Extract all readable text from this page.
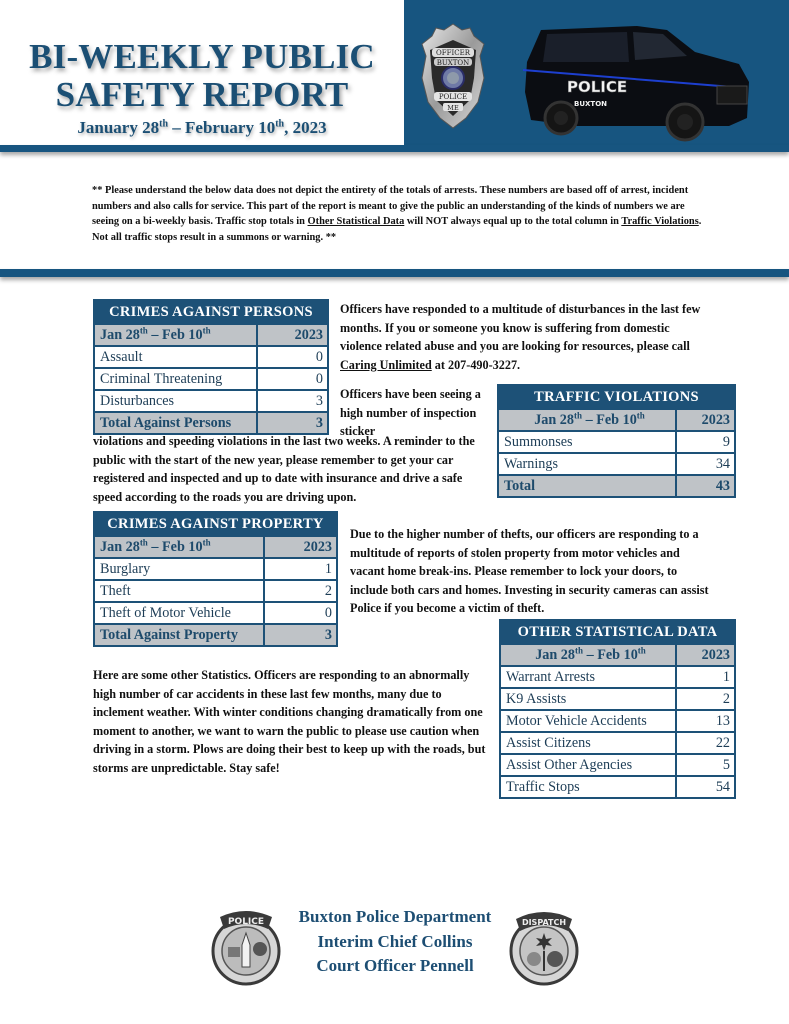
BI-WEEKLY PUBLIC
SAFETY REPORT
January 28th – February 10th, 2023
OFFICER
BUXTON
POLICE
ME
POLICE
BUXTON
** Please understand the below data does not depict the entirety of the totals of arrests. These numbers are based off of arrest, incident numbers and also calls for service. This part of the report is meant to give the public an understanding of the kinds of numbers we are seeing on a bi-weekly basis. Traffic stop totals in Other Statistical Data will NOT always equal up to the total column in Traffic Violations. Not all traffic stops result in a summons or warning. **
CRIMES AGAINST PERSONS
Jan 28th – Feb 10th	2023
Assault	0
Criminal Threatening	0
Disturbances	3
Total Against Persons	3
Officers have responded to a multitude of disturbances in the last few months. If you or someone you know is suffering from domestic violence related abuse and you are looking for resources, please call Caring Unlimited at 207-490-3227.
Officers have been seeing a high number of inspection sticker
violations and speeding violations in the last two weeks. A reminder to the public with the start of the new year, please remember to get your car registered and inspected and up to date with insurance and drive a safe speed according to the roads you are driving upon.
TRAFFIC VIOLATIONS
Jan 28th – Feb 10th	2023
Summonses	9
Warnings	34
Total	43
CRIMES AGAINST PROPERTY
Jan 28th – Feb 10th	2023
Burglary	1
Theft	2
Theft of Motor Vehicle	0
Total Against Property	3
Due to the higher number of thefts, our officers are responding to a multitude of reports of stolen property from motor vehicles and vacant home break-ins. Please remember to lock your doors, to include both cars and homes. Investing in security cameras can assist Police if you become a victim of theft.
OTHER STATISTICAL DATA
Jan 28th – Feb 10th	2023
Warrant Arrests	1
K9 Assists	2
Motor Vehicle Accidents	13
Assist Citizens	22
Assist Other Agencies	5
Traffic Stops	54
Here are some other Statistics. Officers are responding to an abnormally high number of car accidents in these last few months, many due to inclement weather. With winter conditions changing dramatically from one moment to another, we want to warn the public to please use caution when driving in a storm. Plows are doing their best to keep up with the roads, but storms are unpredictable. Stay safe!
POLICE	Buxton Police Department
Interim Chief Collins
Court Officer Pennell
DISPATCH
